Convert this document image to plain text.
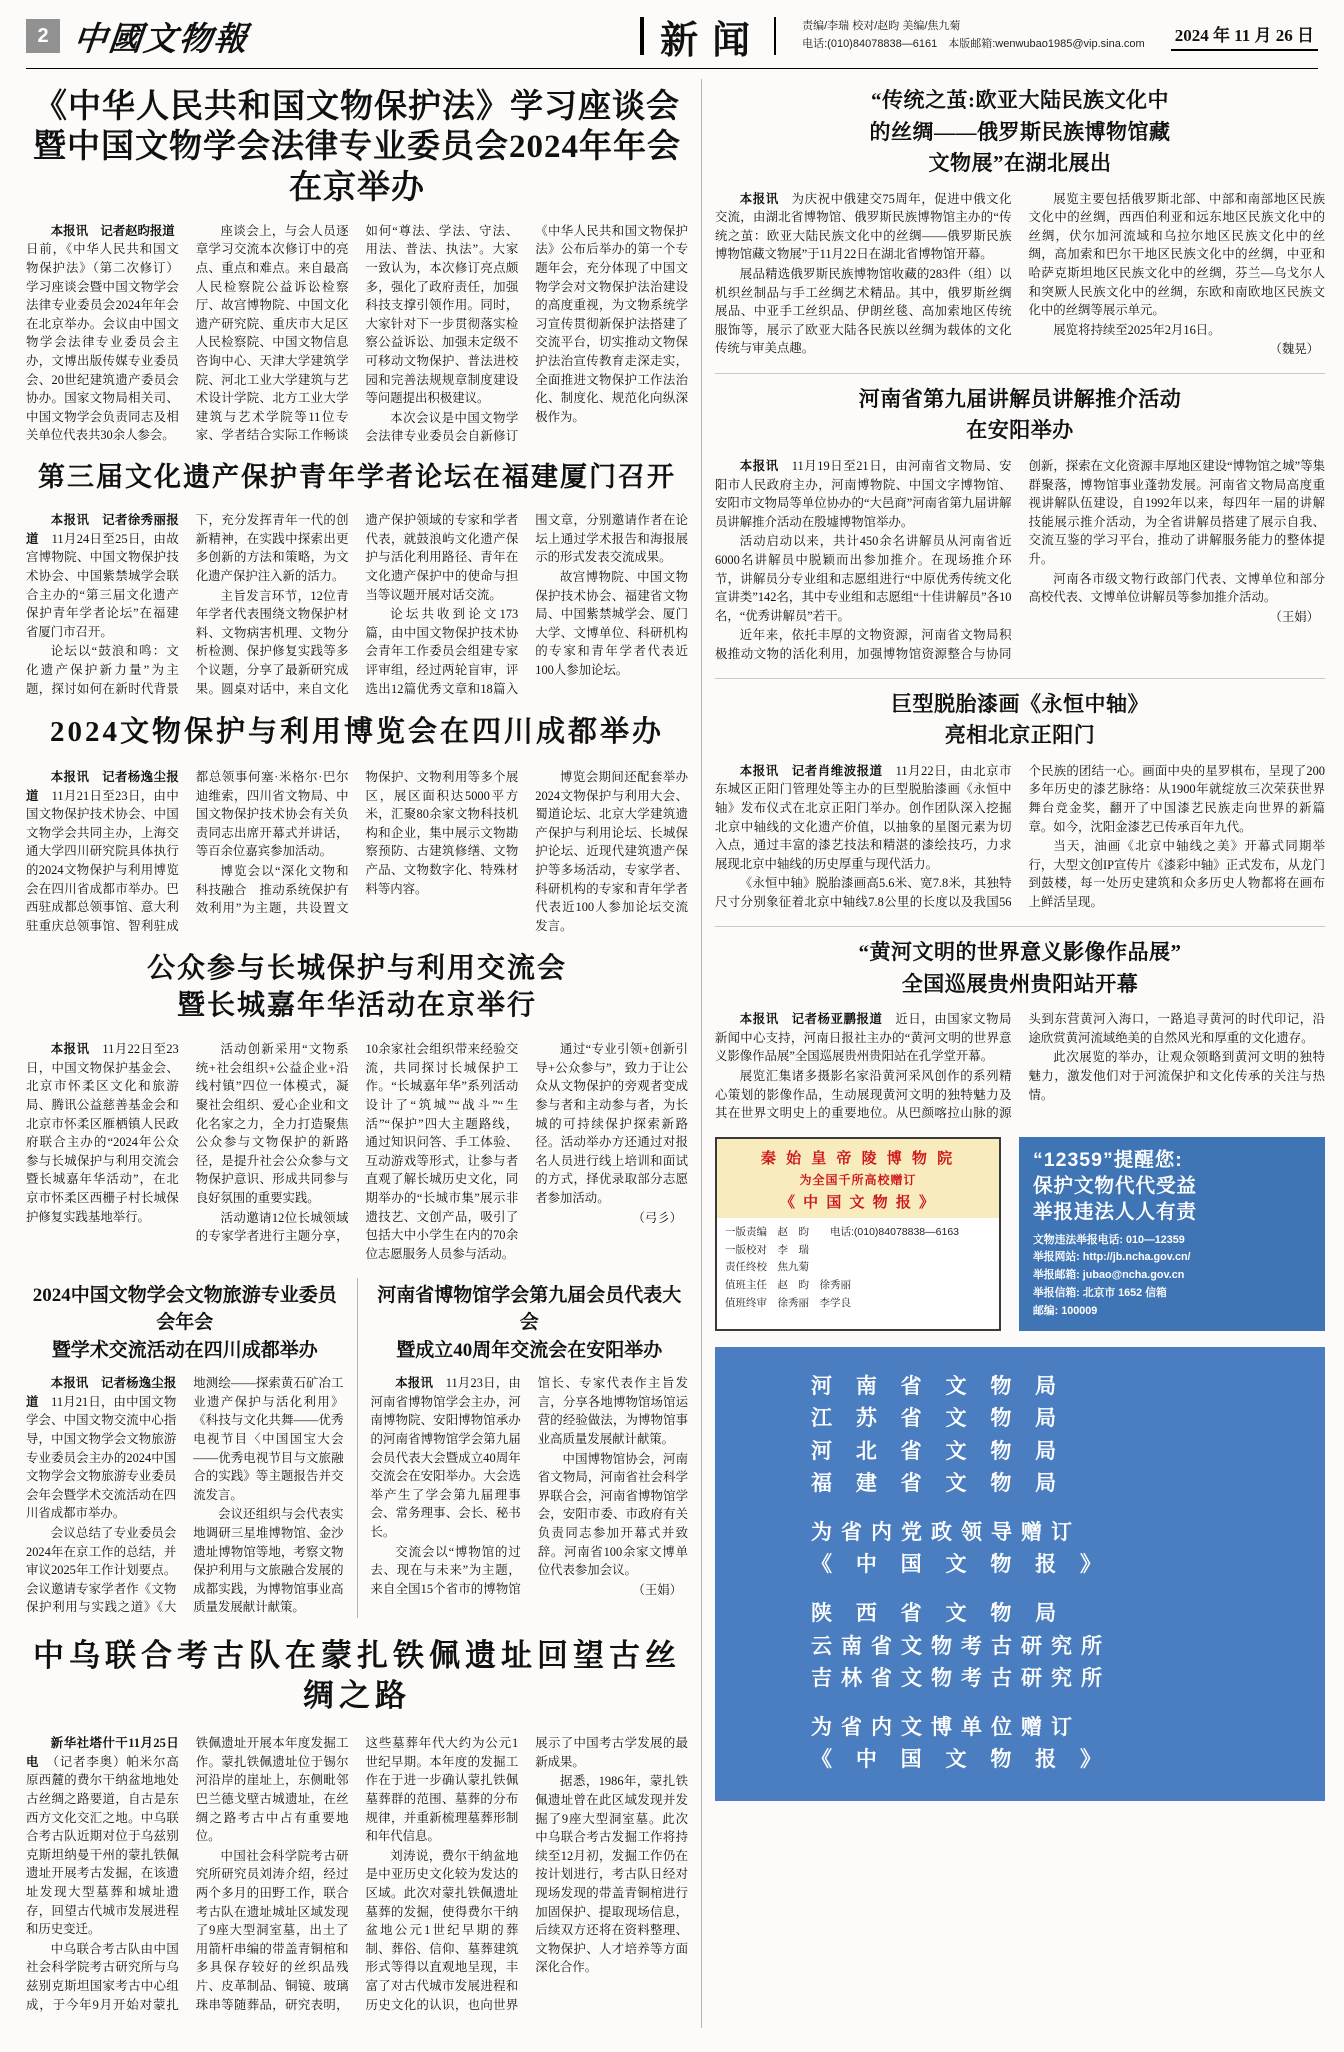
2 中國文物報	新闻	责编/李瑞 校对/赵昀 美编/焦九菊
电话:(010)84078838—6161　本版邮箱:wenwubao1985@vip.sina.com 2024 年 11 月 26 日
《中华人民共和国文物保护法》学习座谈会
暨中国文物学会法律专业委员会2024年年会在京举办

本报讯　记者赵昀报道　日前，《中华人民共和国文物保护法》（第二次修订）学习座谈会暨中国文物学会法律专业委员会2024年年会在北京举办。会议由中国文物学会法律专业委员会主办，文博出版传媒专业委员会、20世纪建筑遗产委员会协办。国家文物局相关司、中国文物学会负责同志及相关单位代表共30余人参会。

座谈会上，与会人员逐章学习交流本次修订中的亮点、重点和难点。来自最高人民检察院公益诉讼检察厅、故宫博物院、中国文化遗产研究院、重庆市大足区人民检察院、中国文物信息咨询中心、天津大学建筑学院、河北工业大学建筑与艺术设计学院、北方工业大学建筑与艺术学院等11位专家、学者结合实际工作畅谈如何“尊法、学法、守法、用法、普法、执法”。大家一致认为，本次修订亮点颇多，强化了政府责任，加强科技支撑引领作用。同时，大家针对下一步贯彻落实检察公益诉讼、加强未定级不可移动文物保护、普法进校园和完善法规规章制度建设等问题提出积极建议。

本次会议是中国文物学会法律专业委员会自新修订《中华人民共和国文物保护法》公布后举办的第一个专题年会，充分体现了中国文物学会对文物保护法治建设的高度重视，为文物系统学习宣传贯彻新保护法搭建了交流平台，切实推动文物保护法治宣传教育走深走实，全面推进文物保护工作法治化、制度化、规范化向纵深极作为。

第三届文化遗产保护青年学者论坛在福建厦门召开

本报讯　记者徐秀丽报道　11月24日至25日，由故宫博物院、中国文物保护技术协会、中国紫禁城学会联合主办的“第三届文化遗产保护青年学者论坛”在福建省厦门市召开。

论坛以“鼓浪和鸣：文化遗产保护新力量”为主题，探讨如何在新时代背景下，充分发挥青年一代的创新精神，在实践中探索出更多创新的方法和策略，为文化遗产保护注入新的活力。

主旨发言环节，12位青年学者代表围绕文物保护材料、文物病害机理、文物分析检测、保护修复实践等多个议题，分享了最新研究成果。圆桌对话中，来自文化遗产保护领域的专家和学者代表，就鼓浪屿文化遗产保护与活化利用路径、青年在文化遗产保护中的使命与担当等议题开展对话交流。

论坛共收到论文173篇，由中国文物保护技术协会青年工作委员会组建专家评审组，经过两轮盲审，评选出12篇优秀文章和18篇入围文章，分别邀请作者在论坛上通过学术报告和海报展示的形式发表交流成果。

故宫博物院、中国文物保护技术协会、福建省文物局、中国紫禁城学会、厦门大学、文博单位、科研机构的专家和青年学者代表近100人参加论坛。

2024文物保护与利用博览会在四川成都举办

本报讯　记者杨逸尘报道　11月21日至23日，由中国文物保护技术协会、中国文物学会共同主办，上海交通大学四川研究院具体执行的2024文物保护与利用博览会在四川省成都市举办。巴西驻成都总领事馆、意大利驻重庆总领事馆、智利驻成都总领事何塞·米格尔·巴尔迪维索，四川省文物局、中国文物保护技术协会有关负责同志出席开幕式并讲话，等百余位嘉宾参加活动。

博览会以“深化文物和科技融合　推动系统保护有效利用”为主题，共设置文物保护、文物利用等多个展区，展区面积达5000平方米，汇聚80余家文物科技机构和企业，集中展示文物勘察预防、古建筑修缮、文物产品、文物数字化、特殊材料等内容。

博览会期间还配套举办2024文物保护与利用大会、蜀道论坛、北京大学建筑遗产保护与利用论坛、长城保护论坛、近现代建筑遗产保护等多场活动，专家学者、科研机构的专家和青年学者代表近100人参加论坛交流发言。

公众参与长城保护与利用交流会
暨长城嘉年华活动在京举行

本报讯　11月22日至23日，中国文物保护基金会、北京市怀柔区文化和旅游局、腾讯公益慈善基金会和北京市怀柔区雁栖镇人民政府联合主办的“2024年公众参与长城保护与利用交流会暨长城嘉年华活动”，在北京市怀柔区西栅子村长城保护修复实践基地举行。

活动创新采用“文物系统+社会组织+公益企业+沿线村镇”四位一体模式，凝聚社会组织、爱心企业和文化名家之力，全力打造聚焦公众参与文物保护的新路径，是提升社会公众参与文物保护意识、形成共同参与良好氛围的重要实践。

活动邀请12位长城领域的专家学者进行主题分享，10余家社会组织带来经验交流，共同探讨长城保护工作。“长城嘉年华”系列活动设计了“筑城”“战斗”“生活”“保护”四大主题路线，通过知识问答、手工体验、互动游戏等形式，让参与者直观了解长城历史文化，同期举办的“长城市集”展示非遗技艺、文创产品，吸引了包括大中小学生在内的70余位志愿服务人员参与活动。

通过“专业引领+创新引导+公众参与”，致力于让公众从文物保护的旁观者变成参与者和主动参与者，为长城的可持续保护探索新路径。活动举办方还通过对报名人员进行线上培训和面试的方式，择优录取部分志愿者参加活动。

（弓彡）

2024中国文物学会文物旅游专业委员会年会
暨学术交流活动在四川成都举办

本报讯　记者杨逸尘报道　11月21日，由中国文物学会、中国文物交流中心指导，中国文物学会文物旅游专业委员会主办的2024中国文物学会文物旅游专业委员会年会暨学术交流活动在四川省成都市举办。

会议总结了专业委员会2024年在京工作的总结，并审议2025年工作计划要点。会议邀请专家学者作《文物保护利用与实践之道》《大地测绘——探索黄石矿冶工业遗产保护与活化利用》《科技与文化共舞——优秀电视节目〈中国国宝大会——优秀电视节目与文旅融合的实践》等主题报告并交流发言。

会议还组织与会代表实地调研三星堆博物馆、金沙遗址博物馆等地，考察文物保护利用与文旅融合发展的成都实践，为博物馆事业高质量发展献计献策。

河南省博物馆学会第九届会员代表大会
暨成立40周年交流会在安阳举办

本报讯　11月23日，由河南省博物馆学会主办，河南博物院、安阳博物馆承办的河南省博物馆学会第九届会员代表大会暨成立40周年交流会在安阳举办。大会选举产生了学会第九届理事会、常务理事、会长、秘书长。

交流会以“博物馆的过去、现在与未来”为主题，来自全国15个省市的博物馆馆长、专家代表作主旨发言，分享各地博物馆场馆运营的经验做法，为博物馆事业高质量发展献计献策。

中国博物馆协会，河南省文物局，河南省社会科学界联合会，河南省博物馆学会，安阳市委、市政府有关负责同志参加开幕式并致辞。河南省100余家文博单位代表参加会议。

（王娟）

中乌联合考古队在蒙扎铁佩遗址回望古丝绸之路

新华社塔什干11月25日电　（记者李奥）帕米尔高原西麓的费尔干纳盆地地处古丝绸之路要道，自古是东西方文化交汇之地。中乌联合考古队近期对位于乌兹别克斯坦纳曼干州的蒙扎铁佩遗址开展考古发掘，在该遗址发现大型墓葬和城址遗存，回望古代城市发展进程和历史变迁。

中乌联合考古队由中国社会科学院考古研究所与乌兹别克斯坦国家考古中心组成，于今年9月开始对蒙扎铁佩遗址开展本年度发掘工作。蒙扎铁佩遗址位于锡尔河沿岸的崖址上，东侧毗邻巴兰德戈壁古城遗址，在丝绸之路考古中占有重要地位。

中国社会科学院考古研究所研究员刘涛介绍，经过两个多月的田野工作，联合考古队在遗址城址区域发现了9座大型洞室墓，出土了用箭杆串编的带盖青铜棺和多具保存较好的丝织品残片、皮革制品、铜镜、玻璃珠串等随葬品，研究表明，这些墓葬年代大约为公元1世纪早期。本年度的发掘工作在于进一步确认蒙扎铁佩墓葬群的范围、墓葬的分布规律，并重新梳理墓葬形制和年代信息。

刘涛说，费尔干纳盆地是中亚历史文化较为发达的区域。此次对蒙扎铁佩遗址墓葬的发掘，使得费尔干纳盆地公元1世纪早期的葬制、葬俗、信仰、墓葬建筑形式等得以直观地呈现，丰富了对古代城市发展进程和历史文化的认识，也向世界展示了中国考古学发展的最新成果。

据悉，1986年，蒙扎铁佩遗址曾在此区域发现并发掘了9座大型洞室墓。此次中乌联合考古发掘工作将持续至12月初，发掘工作仍在按计划进行，考古队日经对现场发现的带盖青铜棺进行加固保护、提取现场信息，后续双方还将在资料整理、文物保护、人才培养等方面深化合作。

“传统之茧:欧亚大陆民族文化中
的丝绸——俄罗斯民族博物馆藏
文物展”在湖北展出

本报讯　为庆祝中俄建交75周年，促进中俄文化交流，由湖北省博物馆、俄罗斯民族博物馆主办的“传统之茧：欧亚大陆民族文化中的丝绸——俄罗斯民族博物馆藏文物展”于11月22日在湖北省博物馆开幕。

展品精选俄罗斯民族博物馆收藏的283件（组）以机织丝制品与手工丝绸艺术精品。其中，俄罗斯丝绸展品、中亚手工丝织品、伊朗丝毯、高加索地区传统服饰等，展示了欧亚大陆各民族以丝绸为载体的文化传统与审美点趣。

展览主要包括俄罗斯北部、中部和南部地区民族文化中的丝绸，西西伯利亚和远东地区民族文化中的丝绸，伏尔加河流域和乌拉尔地区民族文化中的丝绸，高加索和巴尔干地区民族文化中的丝绸，中亚和哈萨克斯坦地区民族文化中的丝绸，芬兰—乌戈尔人和突厥人民族文化中的丝绸，东欧和南欧地区民族文化中的丝绸等展示单元。

展览将持续至2025年2月16日。

（魏晃）

河南省第九届讲解员讲解推介活动
在安阳举办

本报讯　11月19日至21日，由河南省文物局、安阳市人民政府主办，河南博物院、中国文字博物馆、安阳市文物局等单位协办的“大邑商”河南省第九届讲解员讲解推介活动在殷墟博物馆举办。

活动启动以来，共计450余名讲解员从河南省近6000名讲解员中脱颖而出参加推介。在现场推介环节，讲解员分专业组和志愿组进行“中原优秀传统文化宣讲类”142名，其中专业组和志愿组“十佳讲解员”各10名，“优秀讲解员”若干。

近年来，依托丰厚的文物资源，河南省文物局积极推动文物的活化利用，加强博物馆资源整合与协同创新，探索在文化资源丰厚地区建设“博物馆之城”等集群聚落，博物馆事业蓬勃发展。河南省文物局高度重视讲解队伍建设，自1992年以来，每四年一届的讲解技能展示推介活动，为全省讲解员搭建了展示自我、交流互鉴的学习平台，推动了讲解服务能力的整体提升。

河南各市级文物行政部门代表、文博单位和部分高校代表、文博单位讲解员等参加推介活动。

（王娟）

巨型脱胎漆画《永恒中轴》
亮相北京正阳门

本报讯　记者肖维波报道　11月22日，由北京市东城区正阳门管理处等主办的巨型脱胎漆画《永恒中轴》发布仪式在北京正阳门举办。创作团队深入挖掘北京中轴线的文化遗产价值，以抽象的星图元素为切入点，通过丰富的漆艺技法和精湛的漆绘技巧，力求展现北京中轴线的历史厚重与现代活力。

《永恒中轴》脱胎漆画高5.6米、宽7.8米，其独特尺寸分别象征着北京中轴线7.8公里的长度以及我国56个民族的团结一心。画面中央的星罗棋布，呈现了200多年历史的漆艺脉络：从1900年就绽放三次荣获世界舞台竞金奖，翻开了中国漆艺民族走向世界的新篇章。如今，沈阳金漆艺已传承百年九代。

当天，油画《北京中轴线之美》开幕式同期举行，大型文创IP宣传片《漆彩中轴》正式发布，从龙门到鼓楼，每一处历史建筑和众多历史人物都将在画布上鲜活呈现。

“黄河文明的世界意义影像作品展”
全国巡展贵州贵阳站开幕

本报讯　记者杨亚鹏报道　近日，由国家文物局新闻中心支持，河南日报社主办的“黄河文明的世界意义影像作品展”全国巡展贵州贵阳站在孔学堂开幕。

展览汇集诸多摄影名家沿黄河采风创作的系列精心策划的影像作品，生动展现黄河文明的独特魅力及其在世界文明史上的重要地位。从巴颜喀拉山脉的源头到东营黄河入海口，一路追寻黄河的时代印记，沿途欣赏黄河流域绝美的自然风光和厚重的文化遗存。

此次展览的举办，让观众领略到黄河文明的独特魅力，激发他们对于河流保护和文化传承的关注与热情。

秦 始 皇 帝 陵 博 物 院
为全国千所高校赠订
《 中 国 文 物 报 》
一版责编　赵　昀　　电话:(010)84078838—6163
一版校对　李　瑞
责任终校　焦九菊
值班主任　赵　昀　徐秀丽
值班终审　徐秀丽　李学良
“12359”提醒您:
保护文物代代受益
举报违法人人有责
文物违法举报电话: 010—12359
举报网站: http://jb.ncha.gov.cn/
举报邮箱: jubao@ncha.gov.cn
举报信箱: 北京市 1652 信箱
邮编: 100009
河 南 省 文 物 局
江 苏 省 文 物 局
河 北 省 文 物 局
福 建 省 文 物 局
为省内党政领导赠订
《 中 国 文 物 报 》
陕 西 省 文 物 局
云南省文物考古研究所
吉林省文物考古研究所
为省内文博单位赠订
《 中 国 文 物 报 》
